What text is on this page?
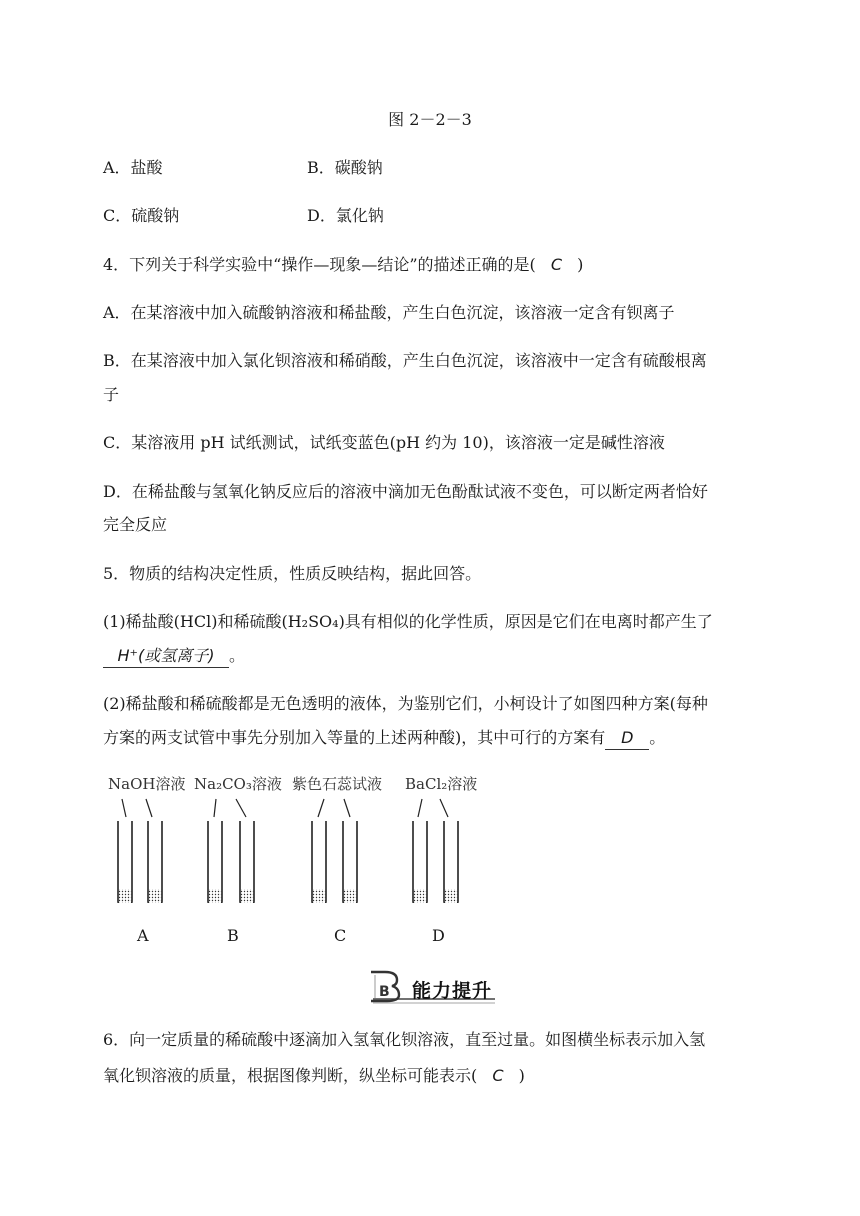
图 2－2－3
A．盐酸	B．碳酸钠
C．硫酸钠	D．氯化钠
4．下列关于科学实验中“操作—现象—结论”的描述正确的是( C )
A．在某溶液中加入硫酸钠溶液和稀盐酸，产生白色沉淀，该溶液一定含有钡离子
B．在某溶液中加入氯化钡溶液和稀硝酸，产生白色沉淀，该溶液中一定含有硫酸根离
子
C．某溶液用 pH 试纸测试，试纸变蓝色(pH 约为 10)，该溶液一定是碱性溶液
D．在稀盐酸与氢氧化钠反应后的溶液中滴加无色酚酞试液不变色，可以断定两者恰好
完全反应
5．物质的结构决定性质，性质反映结构，据此回答。
(1)稀盐酸(HCl)和稀硫酸(H₂SO₄)具有相似的化学性质，原因是它们在电离时都产生了
H⁺(或氢离子) 。
(2)稀盐酸和稀硫酸都是无色透明的液体，为鉴别它们，小柯设计了如图四种方案(每种
方案的两支试管中事先分别加入等量的上述两种酸)，其中可行的方案有 D 。
NaOH溶液 Na₂CO₃溶液 紫色石蕊试液 BaCl₂溶液
A	B	C	D
B 能力提升
6．向一定质量的稀硫酸中逐滴加入氢氧化钡溶液，直至过量。如图横坐标表示加入氢
氧化钡溶液的质量，根据图像判断，纵坐标可能表示( C )
